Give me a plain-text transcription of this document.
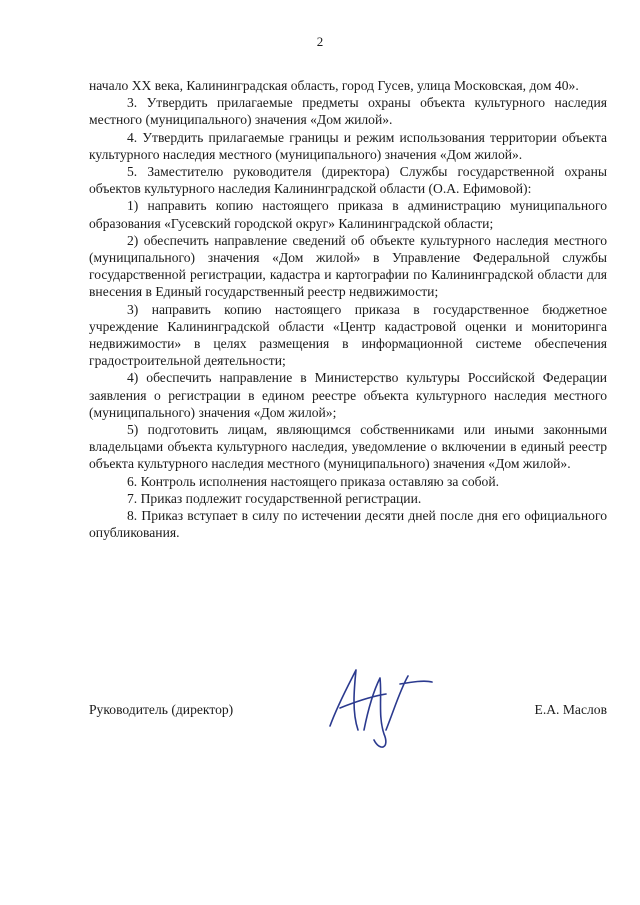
2

начало XX века, Калининградская область, город Гусев, улица Московская, дом 40».

3. Утвердить прилагаемые предметы охраны объекта культурного наследия местного (муниципального) значения «Дом жилой».

4. Утвердить прилагаемые границы и режим использования территории объекта культурного наследия местного (муниципального) значения «Дом жилой».

5. Заместителю руководителя (директора) Службы государственной охраны объектов культурного наследия Калининградской области (О.А. Ефимовой):

1) направить копию настоящего приказа в администрацию муниципального образования «Гусевский городской округ» Калининградской области;

2) обеспечить направление сведений об объекте культурного наследия местного (муниципального) значения «Дом жилой» в Управление Федеральной службы государственной регистрации, кадастра и картографии по Калининградской области для внесения в Единый государственный реестр недвижимости;

3) направить копию настоящего приказа в государственное бюджетное учреждение Калининградской области «Центр кадастровой оценки и мониторинга недвижимости» в целях размещения в информационной системе обеспечения градостроительной деятельности;

4) обеспечить направление в Министерство культуры Российской Федерации заявления о регистрации в едином реестре объекта культурного наследия местного (муниципального) значения «Дом жилой»;

5) подготовить лицам, являющимся собственниками или иными законными владельцами объекта культурного наследия, уведомление о включении в единый реестр объекта культурного наследия местного (муниципального) значения «Дом жилой».

6. Контроль исполнения настоящего приказа оставляю за собой.

7. Приказ подлежит государственной регистрации.

8. Приказ вступает в силу по истечении десяти дней после дня его официального опубликования.

Руководитель (директор)	Е.А. Маслов
